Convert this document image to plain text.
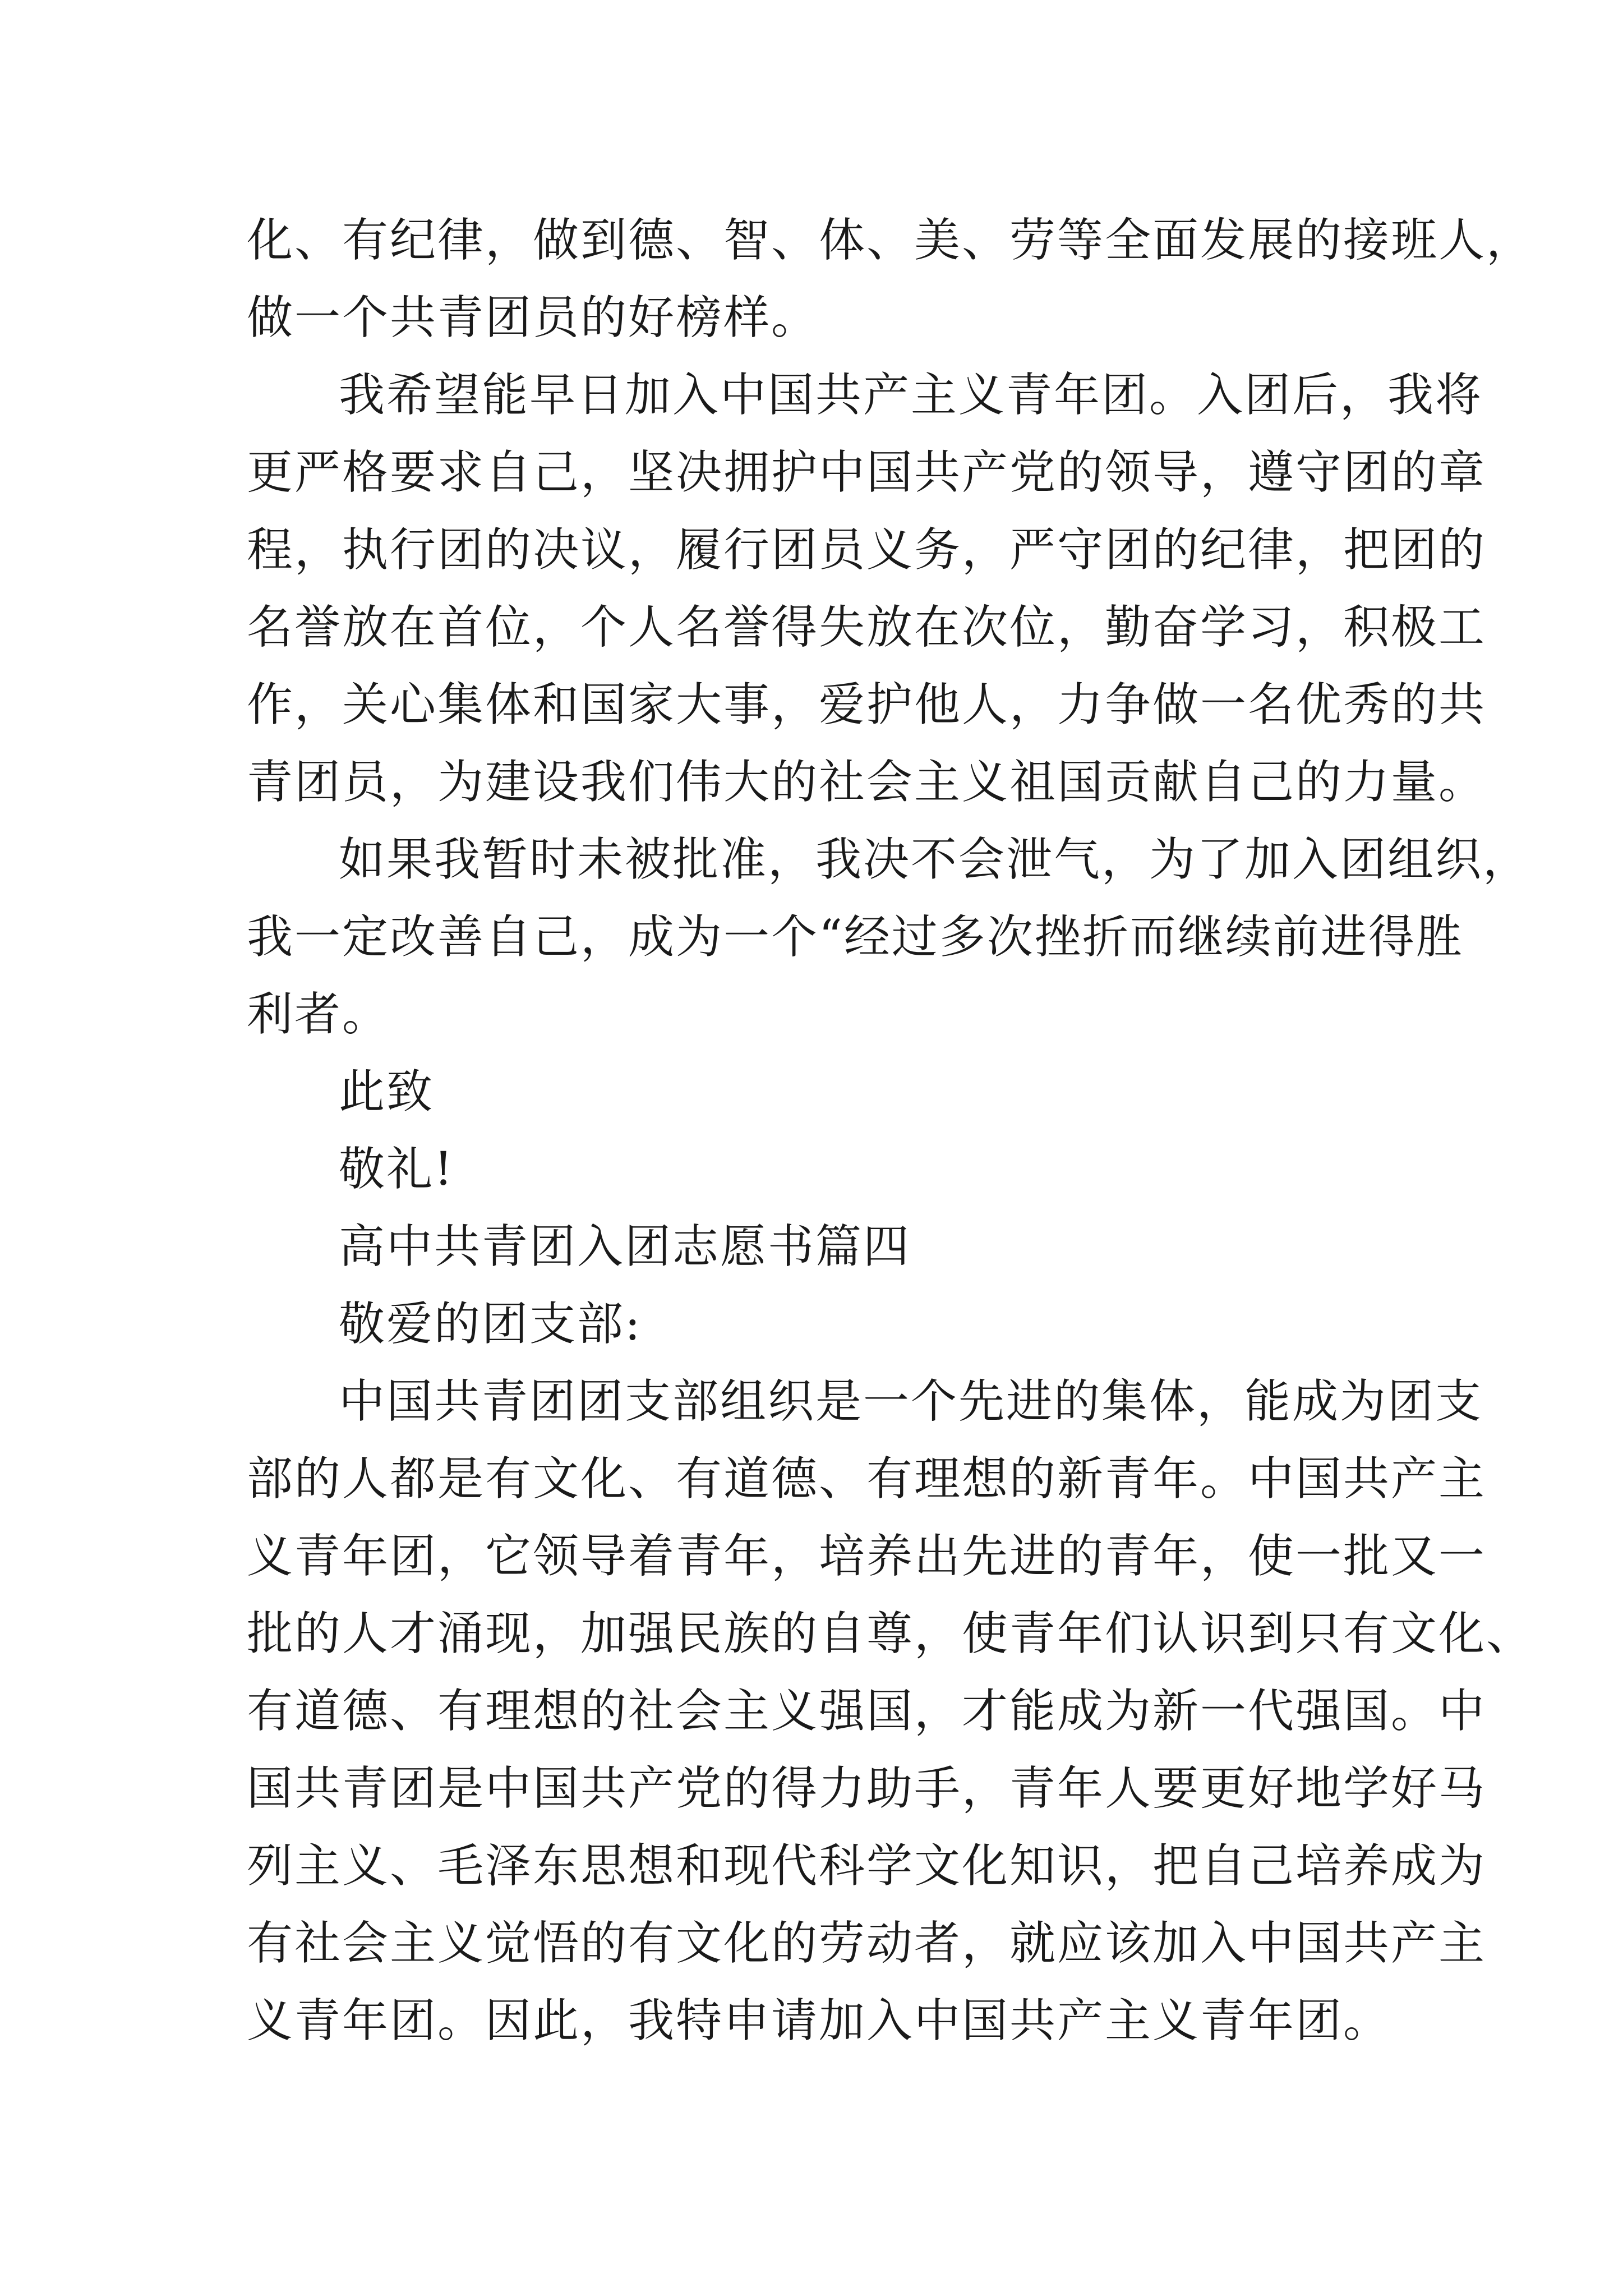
化、有纪律，做到德、智、体、美、劳等全面发展的接班人，
做一个共青团员的好榜样。
我希望能早日加入中国共产主义青年团。入团后，我将
更严格要求自己，坚决拥护中国共产党的领导，遵守团的章
程，执行团的决议，履行团员义务，严守团的纪律，把团的
名誉放在首位，个人名誉得失放在次位，勤奋学习，积极工
作，关心集体和国家大事，爱护他人，力争做一名优秀的共
青团员，为建设我们伟大的社会主义祖国贡献自己的力量。
如果我暂时未被批准，我决不会泄气，为了加入团组织，
我一定改善自己，成为一个“经过多次挫折而继续前进得胜
利者。
此致
敬礼!
高中共青团入团志愿书篇四
敬爱的团支部:
中国共青团团支部组织是一个先进的集体，能成为团支
部的人都是有文化、有道德、有理想的新青年。中国共产主
义青年团，它领导着青年，培养出先进的青年，使一批又一
批的人才涌现，加强民族的自尊，使青年们认识到只有文化、
有道德、有理想的社会主义强国，才能成为新一代强国。中
国共青团是中国共产党的得力助手，青年人要更好地学好马
列主义、毛泽东思想和现代科学文化知识，把自己培养成为
有社会主义觉悟的有文化的劳动者，就应该加入中国共产主
义青年团。因此，我特申请加入中国共产主义青年团。
